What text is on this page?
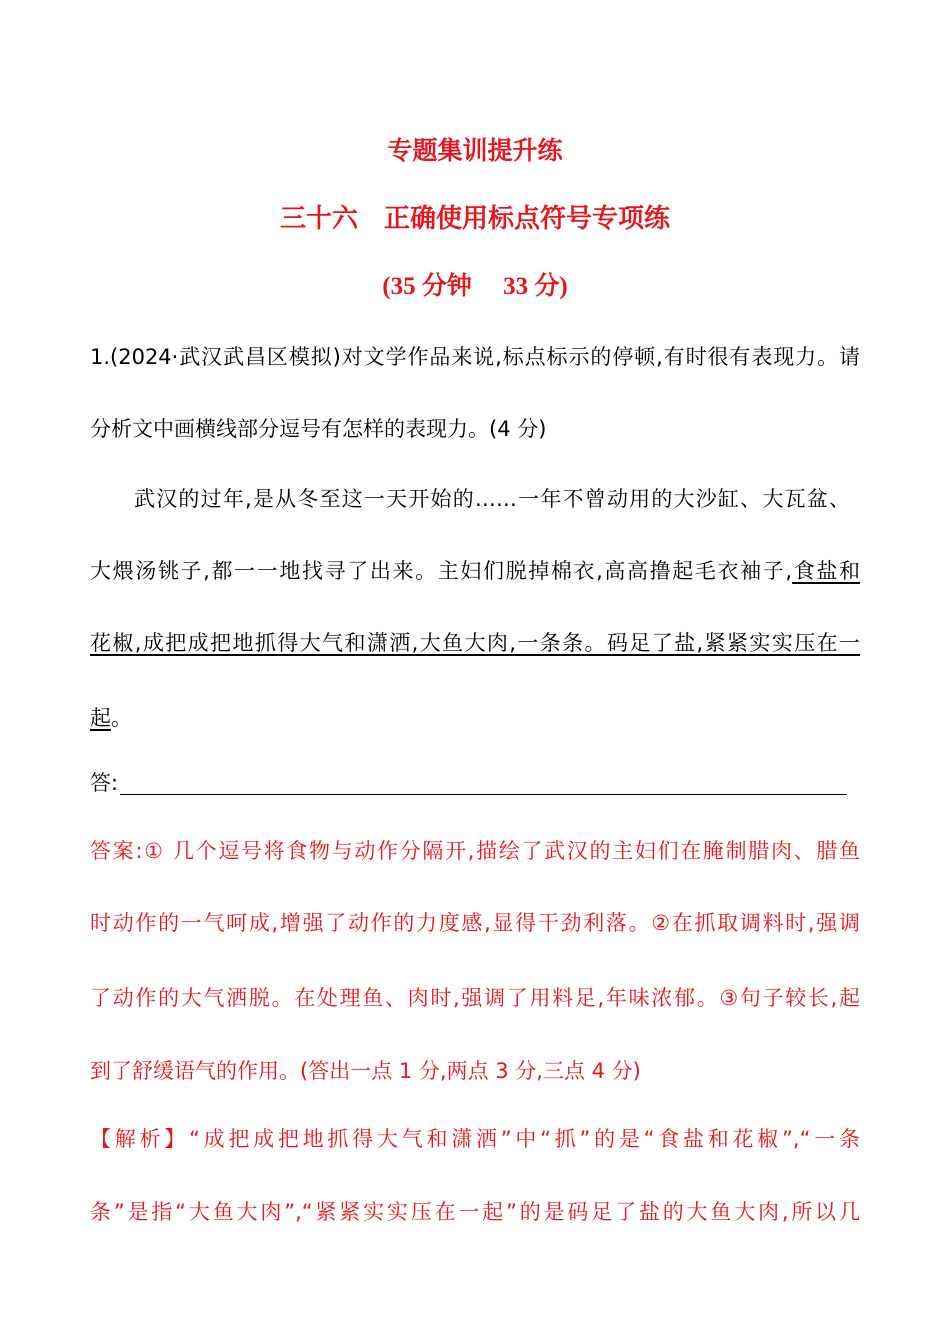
专题集训提升练
三十六　正确使用标点符号专项练
(35 分钟　 33 分)
1.(2024·武汉武昌区模拟)对文学作品来说,标点标示的停顿,有时很有表现力。请
分析文中画横线部分逗号有怎样的表现力。(4 分)
武汉的过年,是从冬至这一天开始的……一年不曾动用的大沙缸、大瓦盆、
大煨汤铫子,都一一地找寻了出来。主妇们脱掉棉衣,高高撸起毛衣袖子,食盐和
花椒,成把成把地抓得大气和潇洒,大鱼大肉,一条条。码足了盐,紧紧实实压在一
起。
答:
答案:① 几个逗号将食物与动作分隔开,描绘了武汉的主妇们在腌制腊肉、腊鱼
时动作的一气呵成,增强了动作的力度感,显得干劲利落。②在抓取调料时,强调
了动作的大气洒脱。在处理鱼、肉时,强调了用料足,年味浓郁。③句子较长,起
到了舒缓语气的作用。(答出一点 1 分,两点 3 分,三点 4 分)
【解析】“成把成把地抓得大气和潇洒”中“抓”的是“食盐和花椒”,“一条
条”是指“大鱼大肉”,“紧紧实实压在一起”的是码足了盐的大鱼大肉,所以几
